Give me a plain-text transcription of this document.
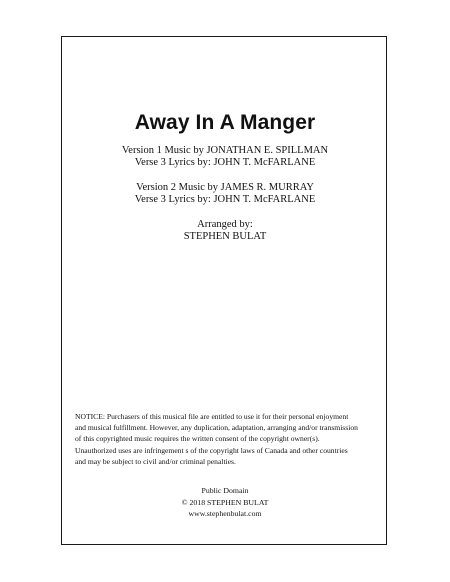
Away In A Manger
Version 1 Music by JONATHAN E. SPILLMAN
Verse 3 Lyrics by: JOHN T. McFARLANE
Version 2 Music by JAMES R. MURRAY
Verse 3 Lyrics by: JOHN T. McFARLANE
Arranged by:
STEPHEN BULAT
NOTICE: Purchasers of this musical file are entitled to use it for their personal enjoyment
and musical fulfillment. However, any duplication, adaptation, arranging and/or transmission
of this copyrighted music requires the written consent of the copyright owner(s).
Unauthorized uses are infringement s of the copyright laws of Canada and other countries
and may be subject to civil and/or criminal penalties.
Public Domain
© 2018 STEPHEN BULAT
www.stephenbulat.com
